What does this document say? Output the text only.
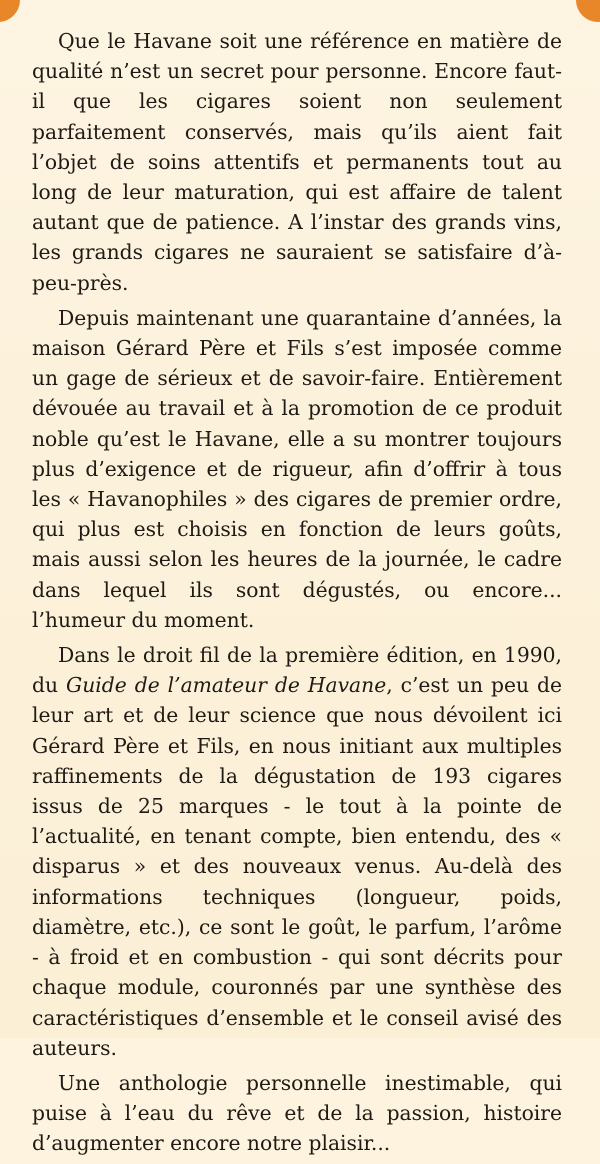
Que le Havane soit une référence en matière de qualité n’est un secret pour personne. Encore faut-il que les cigares soient non seulement parfaitement conservés, mais qu’ils aient fait l’objet de soins attentifs et permanents tout au long de leur maturation, qui est affaire de talent autant que de patience. A l’instar des grands vins, les grands cigares ne sauraient se satisfaire d’à-peu-près.

Depuis maintenant une quarantaine d’années, la maison Gérard Père et Fils s’est imposée comme un gage de sérieux et de savoir-faire. Entièrement dévouée au travail et à la promotion de ce produit noble qu’est le Havane, elle a su montrer toujours plus d’exigence et de rigueur, afin d’offrir à tous les « Havanophiles » des cigares de premier ordre, qui plus est choisis en fonction de leurs goûts, mais aussi selon les heures de la journée, le cadre dans lequel ils sont dégustés, ou encore... l’humeur du moment.

Dans le droit fil de la première édition, en 1990, du Guide de l’amateur de Havane, c’est un peu de leur art et de leur science que nous dévoilent ici Gérard Père et Fils, en nous initiant aux multiples raffinements de la dégustation de 193 cigares issus de 25 marques - le tout à la pointe de l’actualité, en tenant compte, bien entendu, des « disparus » et des nouveaux venus. Au-delà des informations techniques (longueur, poids, diamètre, etc.), ce sont le goût, le parfum, l’arôme - à froid et en combustion - qui sont décrits pour chaque module, couronnés par une synthèse des caractéristiques d’ensemble et le conseil avisé des auteurs.

Une anthologie personnelle inestimable, qui puise à l’eau du rêve et de la passion, histoire d’augmenter encore notre plaisir...
